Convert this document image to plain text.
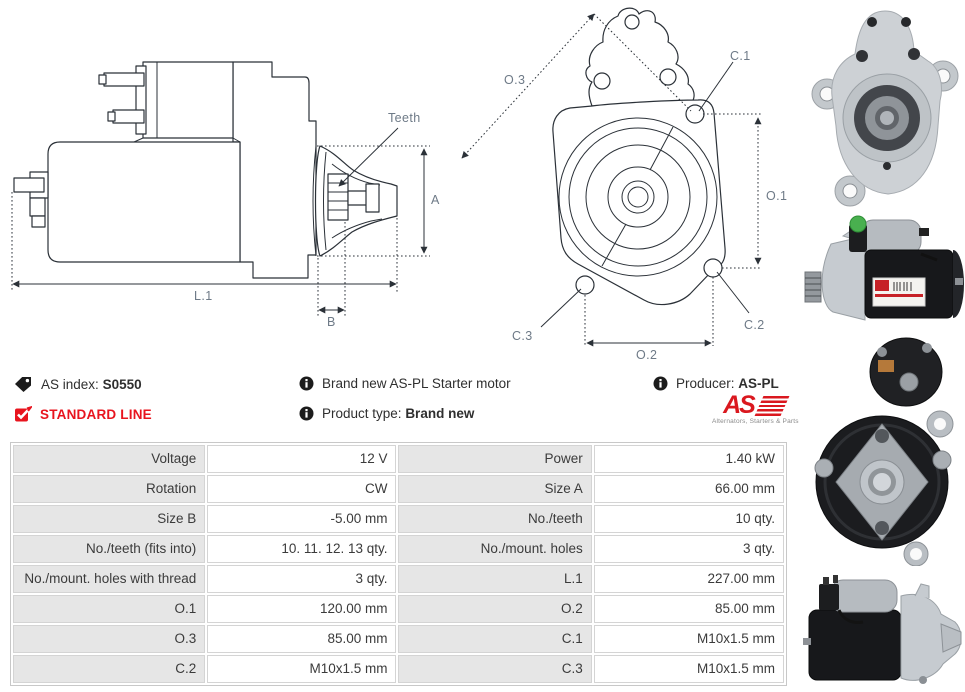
Teeth
A
L.1
B
O.3
C.1
O.1
C.2
C.3
O.2
AS index: S0550
STANDARD LINE
Brand new AS-PL Starter motor
Product type: Brand new
Producer: AS-PL
AS
Alternators, Starters & Parts
Voltage	12 V	Power	1.40 kW
Rotation	CW	Size A	66.00 mm
Size B	-5.00 mm	No./teeth	10 qty.
No./teeth (fits into)	10. 11. 12. 13 qty.	No./mount. holes	3 qty.
No./mount. holes with thread	3 qty.	L.1	227.00 mm
O.1	120.00 mm	O.2	85.00 mm
O.3	85.00 mm	C.1	M10x1.5 mm
C.2	M10x1.5 mm	C.3	M10x1.5 mm
